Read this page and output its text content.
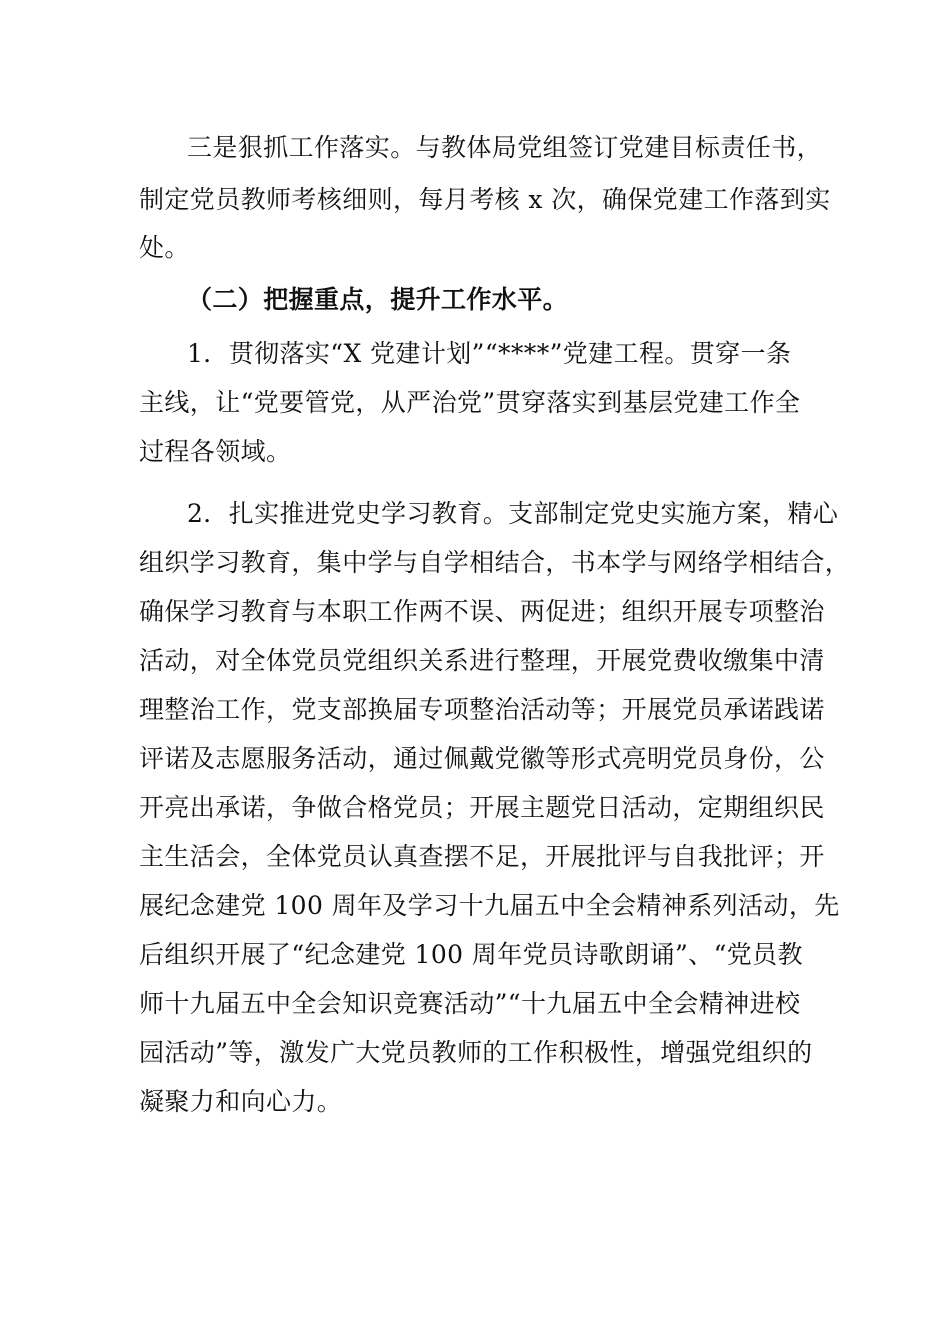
三是狠抓工作落实。与教体局党组签订党建目标责任书，
制定党员教师考核细则，每月考核 x 次，确保党建工作落到实
处。
（二）把握重点，提升工作水平。
1．贯彻落实“X 党建计划”“****”党建工程。贯穿一条
主线，让“党要管党，从严治党”贯穿落实到基层党建工作全
过程各领域。
2．扎实推进党史学习教育。支部制定党史实施方案，精心
组织学习教育，集中学与自学相结合，书本学与网络学相结合，
确保学习教育与本职工作两不误、两促进；组织开展专项整治
活动，对全体党员党组织关系进行整理，开展党费收缴集中清
理整治工作，党支部换届专项整治活动等；开展党员承诺践诺
评诺及志愿服务活动，通过佩戴党徽等形式亮明党员身份，公
开亮出承诺，争做合格党员；开展主题党日活动，定期组织民
主生活会，全体党员认真查摆不足，开展批评与自我批评；开
展纪念建党 100 周年及学习十九届五中全会精神系列活动，先
后组织开展了“纪念建党 100 周年党员诗歌朗诵”、“党员教
师十九届五中全会知识竞赛活动”“十九届五中全会精神进校
园活动”等，激发广大党员教师的工作积极性，增强党组织的
凝聚力和向心力。
